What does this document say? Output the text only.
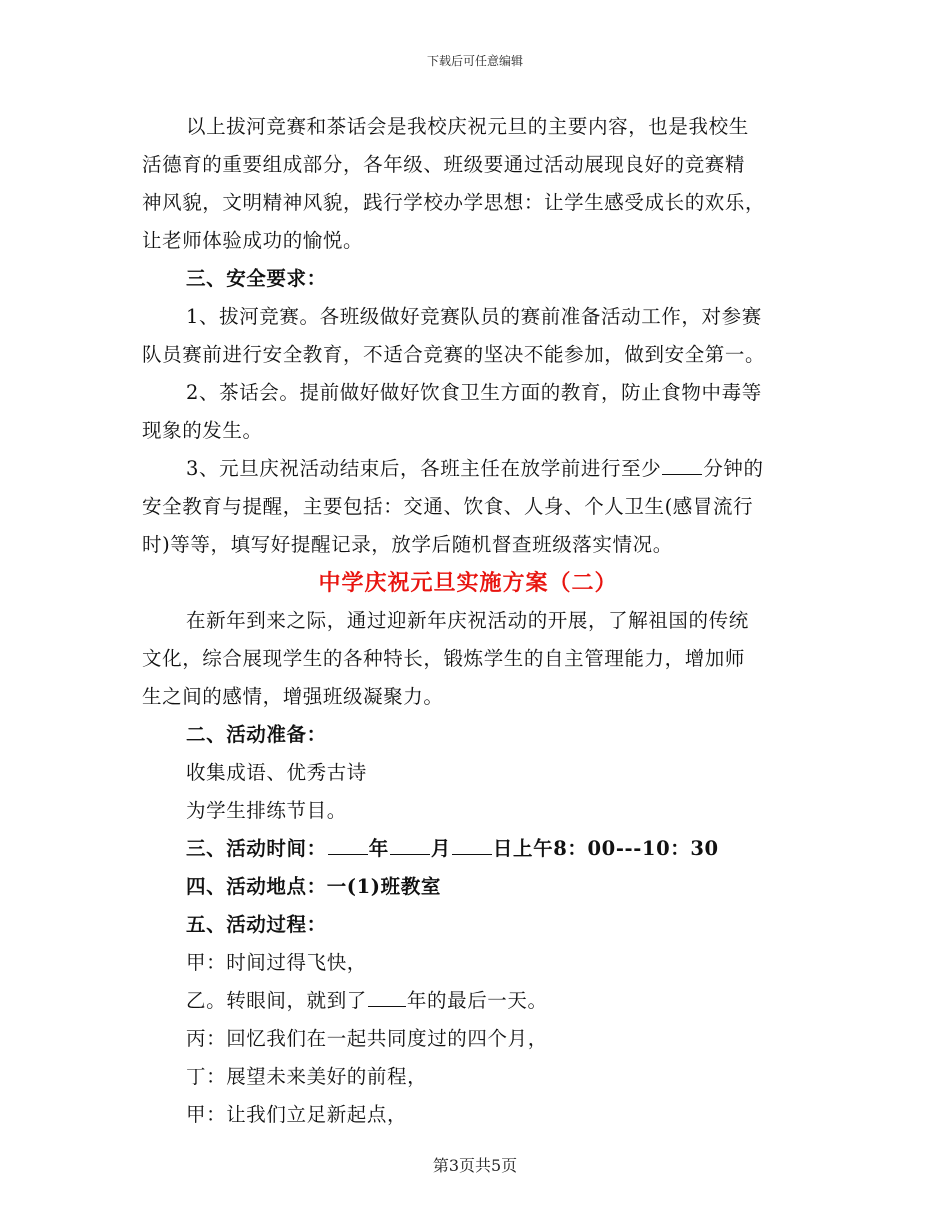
下载后可任意编辑
以上拔河竞赛和茶话会是我校庆祝元旦的主要内容，也是我校生
活德育的重要组成部分，各年级、班级要通过活动展现良好的竞赛精
神风貌，文明精神风貌，践行学校办学思想：让学生感受成长的欢乐，
让老师体验成功的愉悦。
三、安全要求：
1、拔河竞赛。各班级做好竞赛队员的赛前准备活动工作，对参赛
队员赛前进行安全教育，不适合竞赛的坚决不能参加，做到安全第一。
2、茶话会。提前做好做好饮食卫生方面的教育，防止食物中毒等
现象的发生。
3、元旦庆祝活动结束后，各班主任在放学前进行至少 分钟的
安全教育与提醒，主要包括：交通、饮食、人身、个人卫生(感冒流行
时)等等，填写好提醒记录，放学后随机督查班级落实情况。
中学庆祝元旦实施方案（二）
在新年到来之际，通过迎新年庆祝活动的开展，了解祖国的传统
文化，综合展现学生的各种特长，锻炼学生的自主管理能力，增加师
生之间的感情，增强班级凝聚力。
二、活动准备：
收集成语、优秀古诗
为学生排练节目。
三、活动时间： 年 月 日上午8：00---10：30
四、活动地点：一(1)班教室
五、活动过程：
甲：时间过得飞快，
乙。转眼间，就到了 年的最后一天。
丙：回忆我们在一起共同度过的四个月，
丁：展望未来美好的前程，
甲：让我们立足新起点，
第3页共5页
